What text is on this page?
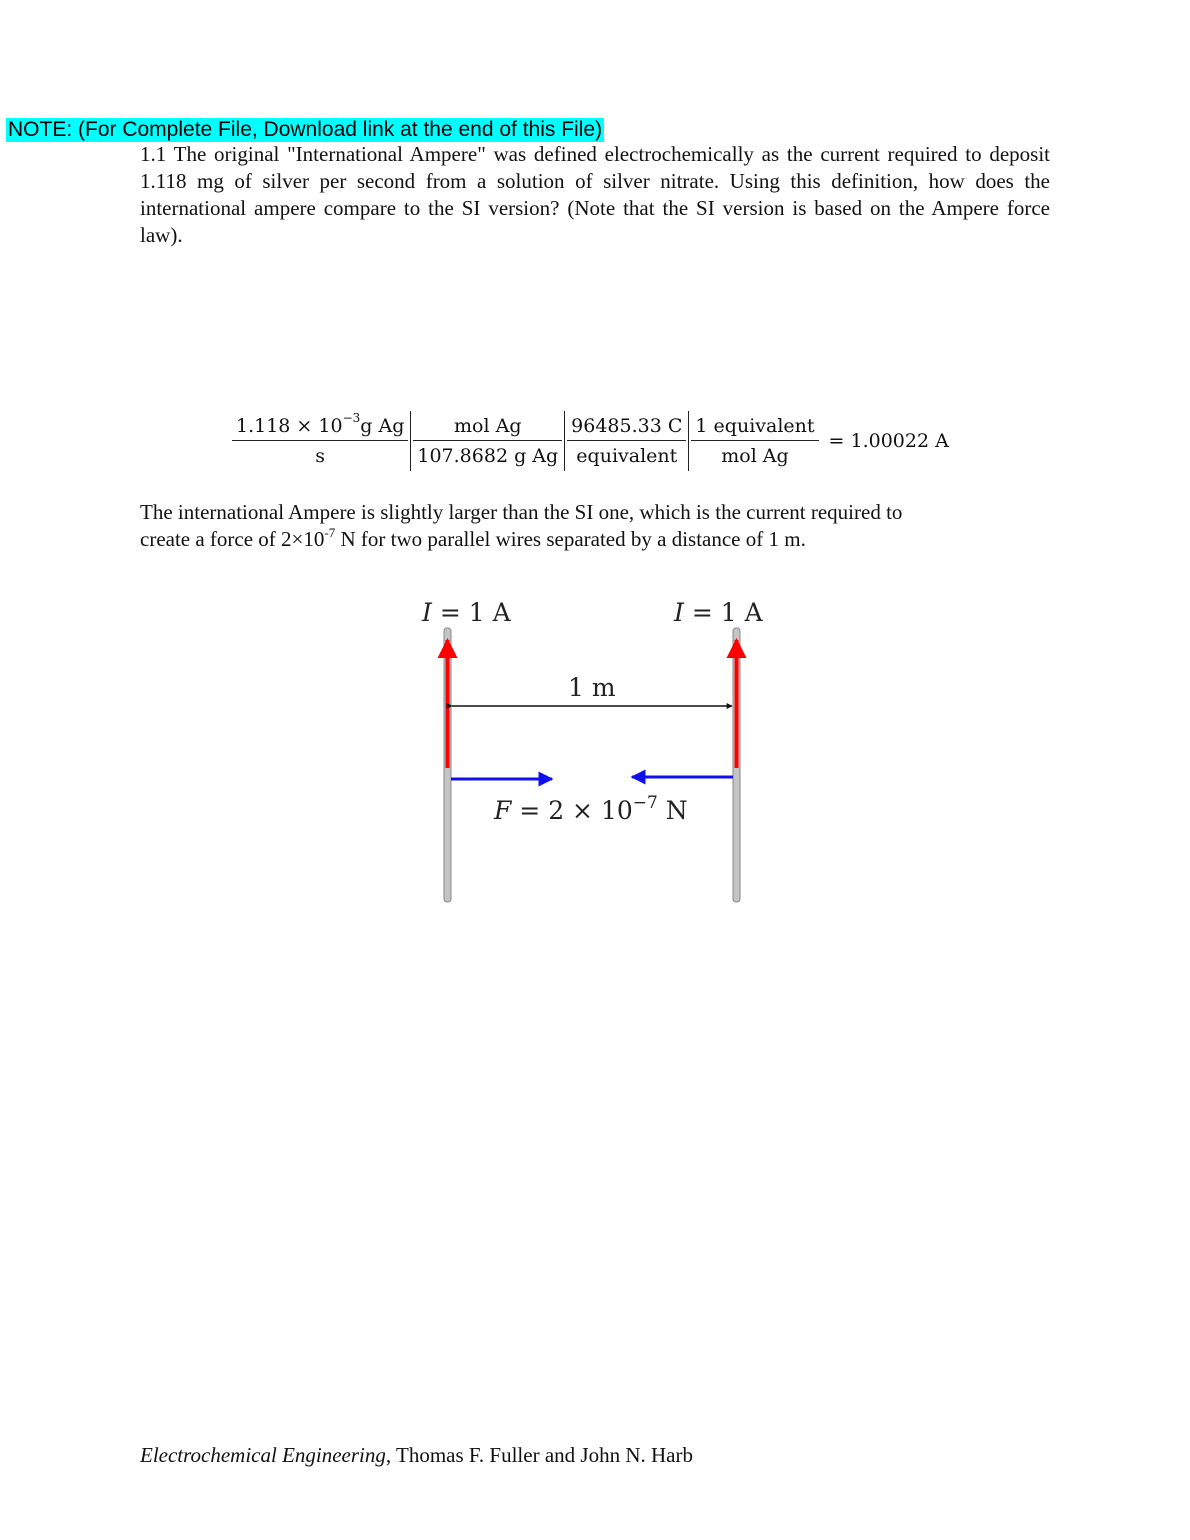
NOTE: (For Complete File, Download link at the end of this File)
1.1 The original "International Ampere" was defined electrochemically as the current required to deposit 1.118 mg of silver per second from a solution of silver nitrate. Using this definition, how does the international ampere compare to the SI version? (Note that the SI version is based on the Ampere force law).
$\frac{1.118 \times 10^{-3}g Ag}{s} \frac{\text{mol Ag}}{\text{107.8682 g Ag}} \frac{96485.33 C}{\text{equivalent}} \frac{\text{1 equivalent}}{\text{mol Ag}} = 1.00022$ A
The international Ampere is slightly larger than the SI one, which is the current required to
create a force of $2\times 10^{-7}$ N for two parallel wires separated by a distance of 1 m.
I = 1 A	I = 1 A
1 m
$F = 2 \times 10^{-7}$ N
Electrochemical Engineering, Thomas F. Fuller and John N. Harb
